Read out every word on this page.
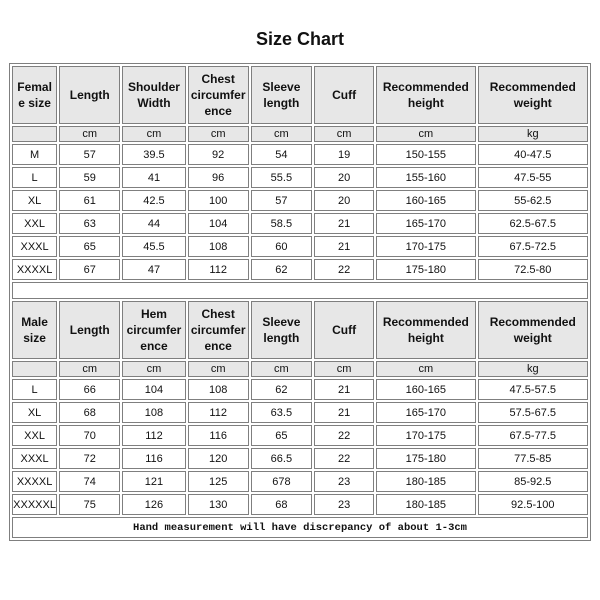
Size Chart
Female size	Length	Shoulder Width	Chest circumference	Sleeve length	Cuff	Recommended height	Recommended weight
	cm	cm	cm	cm	cm	cm	kg
M	57	39.5	92	54	19	150-155	40-47.5
L	59	41	96	55.5	20	155-160	47.5-55
XL	61	42.5	100	57	20	160-165	55-62.5
XXL	63	44	104	58.5	21	165-170	62.5-67.5
XXXL	65	45.5	108	60	21	170-175	67.5-72.5
XXXXL	67	47	112	62	22	175-180	72.5-80

Male size	Length	Hem circumference	Chest circumference	Sleeve length	Cuff	Recommended height	Recommended weight
	cm	cm	cm	cm	cm	cm	kg
L	66	104	108	62	21	160-165	47.5-57.5
XL	68	108	112	63.5	21	165-170	57.5-67.5
XXL	70	112	116	65	22	170-175	67.5-77.5
XXXL	72	116	120	66.5	22	175-180	77.5-85
XXXXL	74	121	125	678	23	180-185	85-92.5
XXXXXL	75	126	130	68	23	180-185	92.5-100
Hand measurement will have discrepancy of about 1-3cm							
